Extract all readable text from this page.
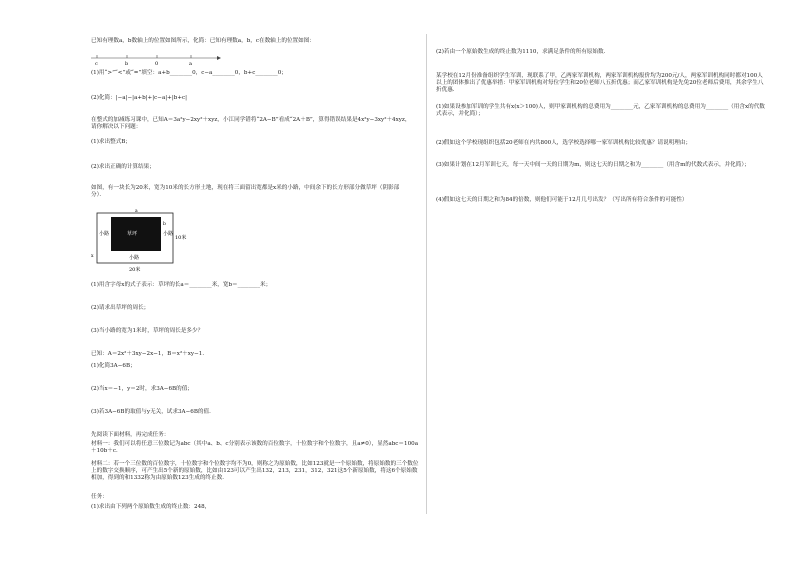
已知有理数a，b数轴上的位置如图所示，化简：已知有理数a，b，c在数轴上的位置如图：
c	b	0	a
(1)用“>”“<”或“=”填空：a+b________0，c−a________0，b+c________0；
(2)化简：|−a|−|a+b|+|c−a|+|b+c|
在整式的加减练习课中，已知A＝3a²y−2xy²＋xyz，小江同学错将“2A−B”看成“2A＋B”，算得错误结果是4x²y−3xy²＋4xyz，请你解决以下问题：
(1)求出整式B；
(2)求出正确的计算结果；
如图，有一块长为20米，宽为10米的长方形土地，现在将三面留出宽都是x米的小路，中间余下的长方形部分做草坪（阴影部分）．
草坪
小路	小路
小路
10米
20米
a
b
x
(1)用含字母x的式子表示：草坪的长a＝________米，宽b＝________米；
(2)请求出草坪的周长；
(3)当小路的宽为1米时，草坪的周长是多少？
已知：A＝2x²＋3xy−2x−1，B＝x²＋xy−1．
(1)化简3A−6B；
(2)当x＝−1，y＝2时，求3A−6B的值；
(3)若3A−6B的取值与y无关，试求3A−6B的值．
先阅读下面材料，再完成任务：
材料一：我们可以将任意三位数记为abc（其中a、b、c分别表示该数的百位数字，十位数字和个位数字，且a≠0），显然abc＝100a＋10b＋c．
材料二：若一个三位数的百位数字，十位数字和个位数字均不为0，则称之为原始数，比如123就是一个原始数，将原始数的三个数位上的数字交换顺序，可产生出5个新的原始数，比如由123可以产生出132，213，231，312，321这5个新原始数，将这6个原始数相加，得到的和1332称为由原始数123生成的终止数．
任务：
(1)求出由下列两个原始数生成的终止数：248，
(2)若由一个原始数生成的终止数为1110，求满足条件的所有原始数．
某学校在12月份准备组织学生军训，现联系了甲，乙两家军训机构，两家军训机构报价均为200元/人，两家军训机构同时都对100人以上的团体推出了优惠举措：甲家军训机构对每位学生和20位老师八五折优惠；而乙家军训机构是先免20位老师后费用，其余学生八折优惠．
(1)如果设参加军训的学生共有x(x＞100)人，则甲家训机构的总费用为________元，乙家军训机构的总费用为________（用含x的代数式表示，并化简）；
(2)假如这个学校现组织包括20老师在内共800人，选学校选择哪一家军训机构比较优惠？请说明理由；
(3)如果计划在12月军训七天，每一天中间一天的日期为m，则这七天的日期之和为________（用含m的代数式表示，并化简）；
(4)假如这七天的日期之和为84的倍数，则他们可能于12月几号出发？（写出所有符合条件的可能性）
